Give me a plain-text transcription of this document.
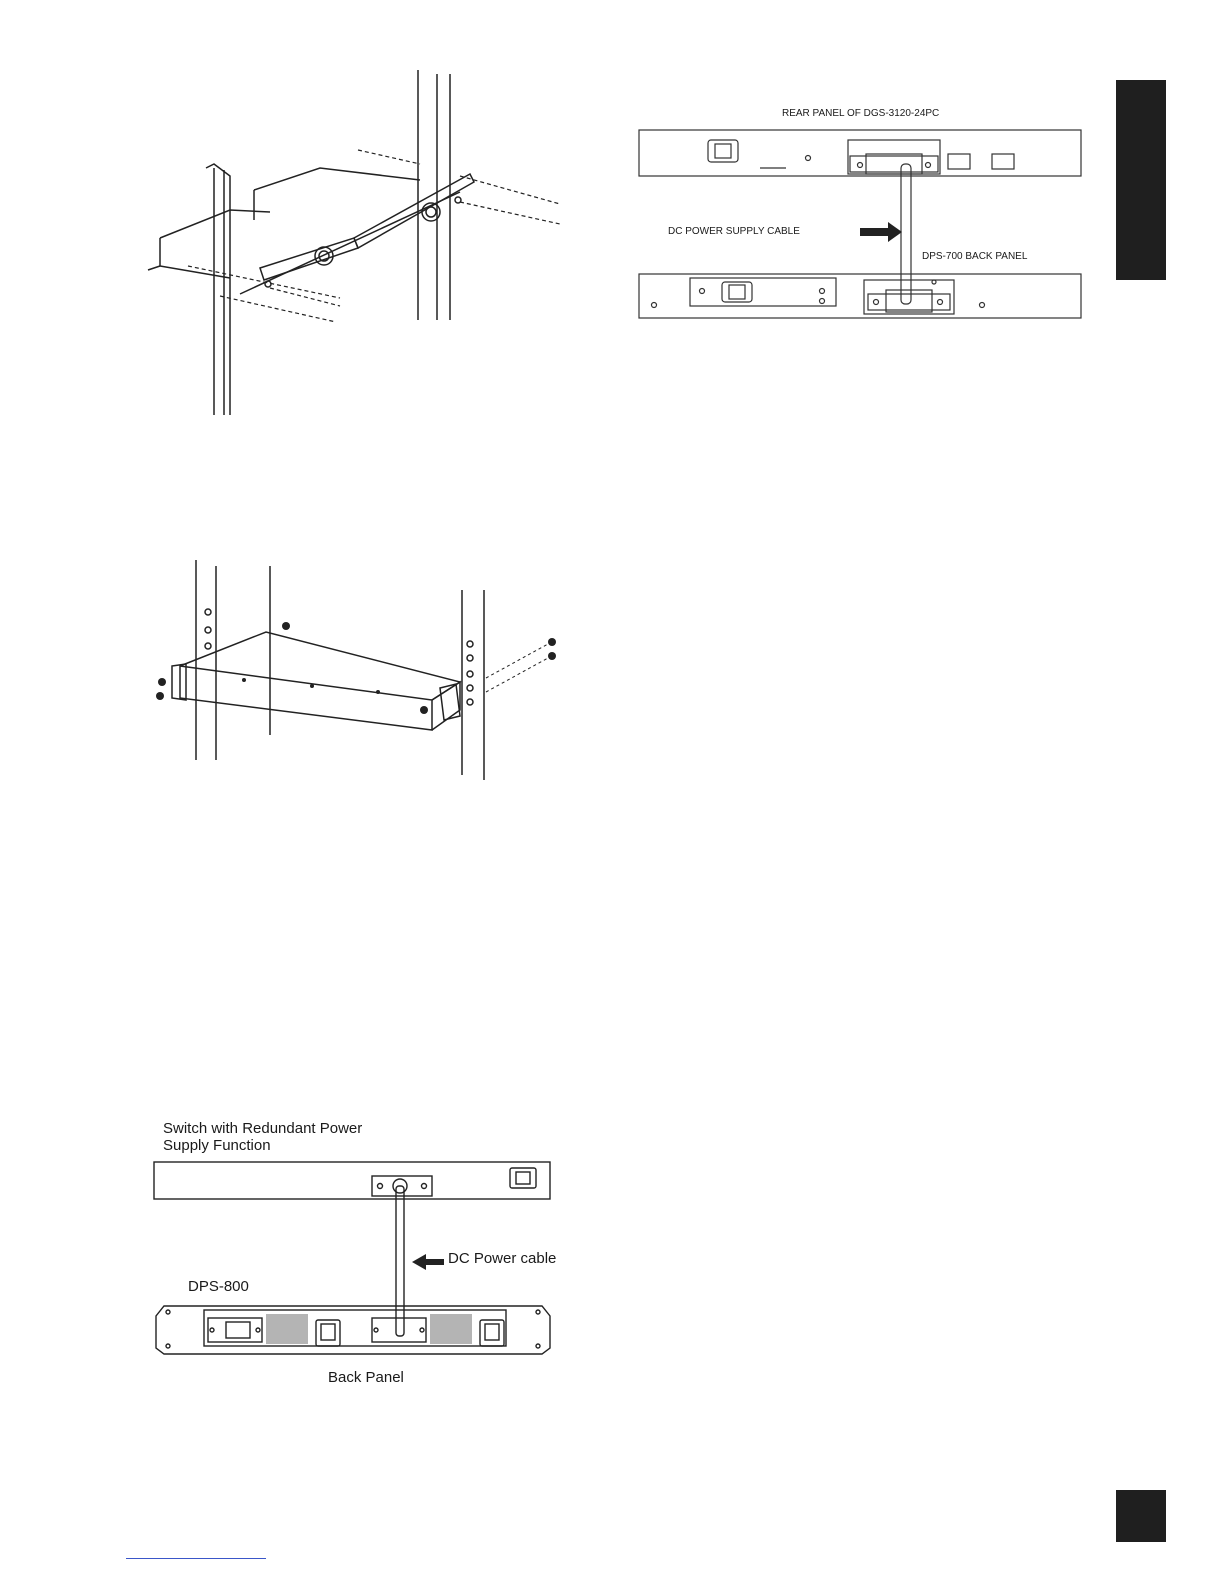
REAR PANEL OF DGS-3120-24PC
DC POWER SUPPLY CABLE
DPS-700 BACK PANEL
Switch with Redundant Power
Supply Function
DC Power cable
DPS-800
Back Panel
